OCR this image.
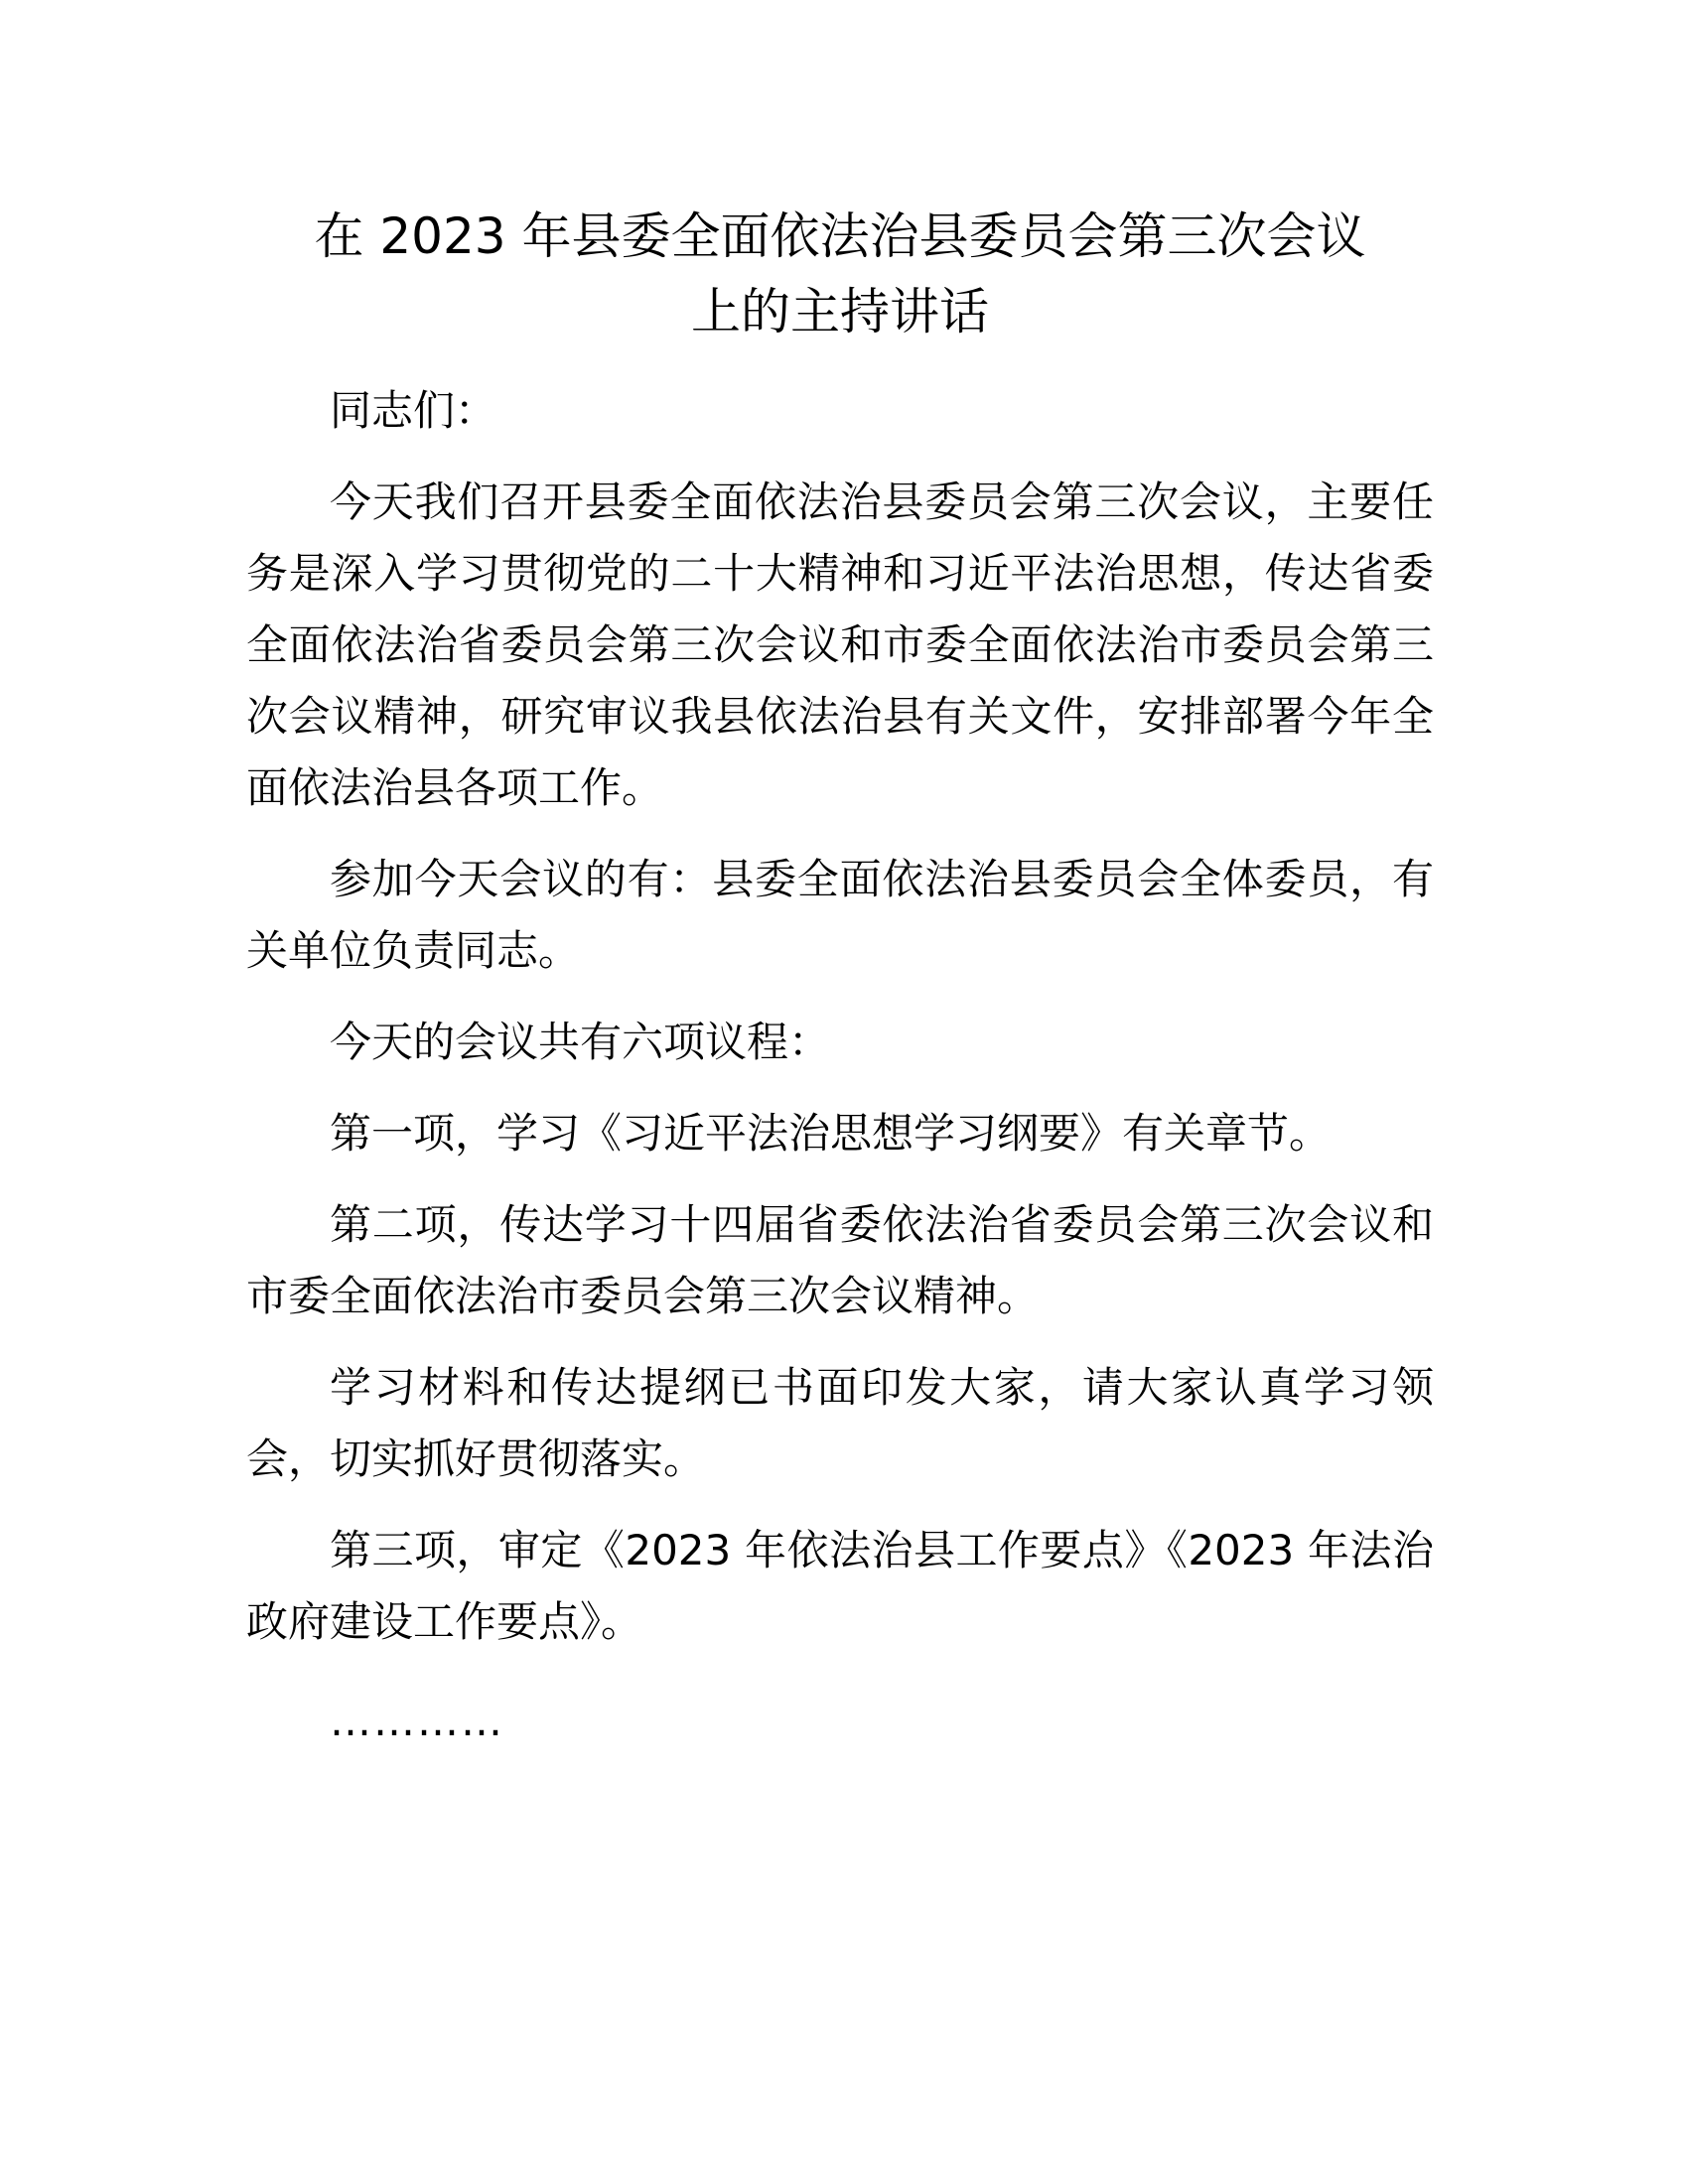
在 2023 年县委全面依法治县委员会第三次会议
上的主持讲话

同志们：

今天我们召开县委全面依法治县委员会第三次会议，主要任务是深入学习贯彻党的二十大精神和习近平法治思想，传达省委全面依法治省委员会第三次会议和市委全面依法治市委员会第三次会议精神，研究审议我县依法治县有关文件，安排部署今年全面依法治县各项工作。

参加今天会议的有：县委全面依法治县委员会全体委员，有关单位负责同志。

今天的会议共有六项议程：

第一项，学习《习近平法治思想学习纲要》有关章节。

第二项，传达学习十四届省委依法治省委员会第三次会议和市委全面依法治市委员会第三次会议精神。

学习材料和传达提纲已书面印发大家，请大家认真学习领会，切实抓好贯彻落实。

第三项，审定《2023 年依法治县工作要点》《2023 年法治政府建设工作要点》。

…………
